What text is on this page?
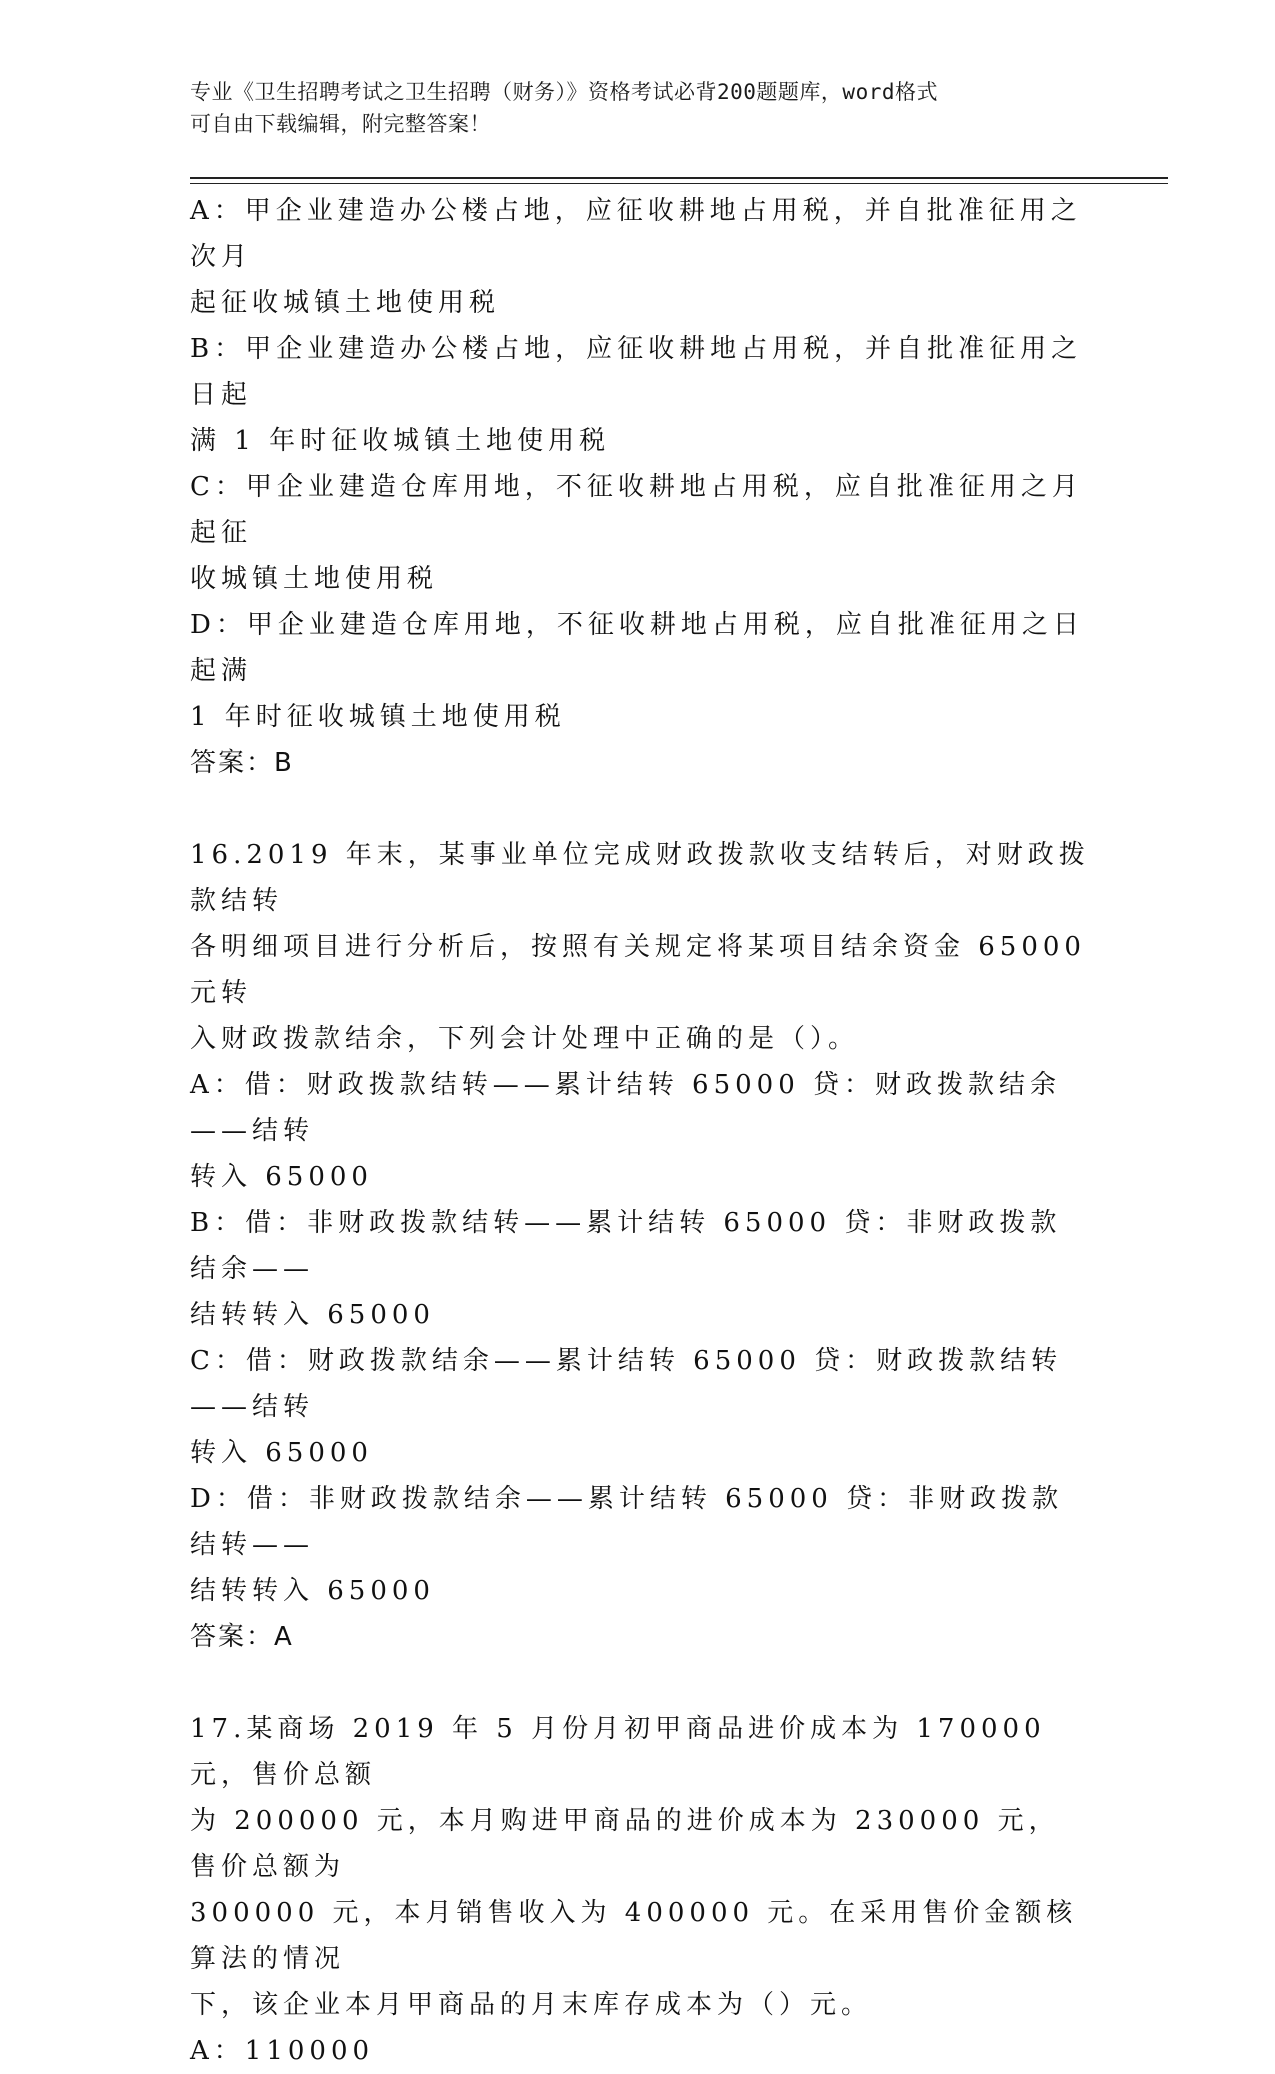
专业《卫生招聘考试之卫生招聘（财务）》资格考试必背200题题库，word格式
可自由下载编辑，附完整答案！

A：甲企业建造办公楼占地，应征收耕地占用税，并自批准征用之次月

起征收城镇土地使用税

B：甲企业建造办公楼占地，应征收耕地占用税，并自批准征用之日起

满 1 年时征收城镇土地使用税

C：甲企业建造仓库用地，不征收耕地占用税，应自批准征用之月起征

收城镇土地使用税

D：甲企业建造仓库用地，不征收耕地占用税，应自批准征用之日起满

1 年时征收城镇土地使用税

答案：B

16.2019 年末，某事业单位完成财政拨款收支结转后，对财政拨款结转

各明细项目进行分析后，按照有关规定将某项目结余资金 65000 元转

入财政拨款结余，下列会计处理中正确的是（）。

A：借：财政拨款结转——累计结转 65000 贷：财政拨款结余——结转

转入 65000

B：借：非财政拨款结转——累计结转 65000 贷：非财政拨款结余——

结转转入 65000

C：借：财政拨款结余——累计结转 65000 贷：财政拨款结转——结转

转入 65000

D：借：非财政拨款结余——累计结转 65000 贷：非财政拨款结转——

结转转入 65000

答案：A

17.某商场 2019 年 5 月份月初甲商品进价成本为 170000 元，售价总额

为 200000 元，本月购进甲商品的进价成本为 230000 元，售价总额为

300000 元，本月销售收入为 400000 元。在采用售价金额核算法的情况

下，该企业本月甲商品的月末库存成本为（）元。

A：110000
